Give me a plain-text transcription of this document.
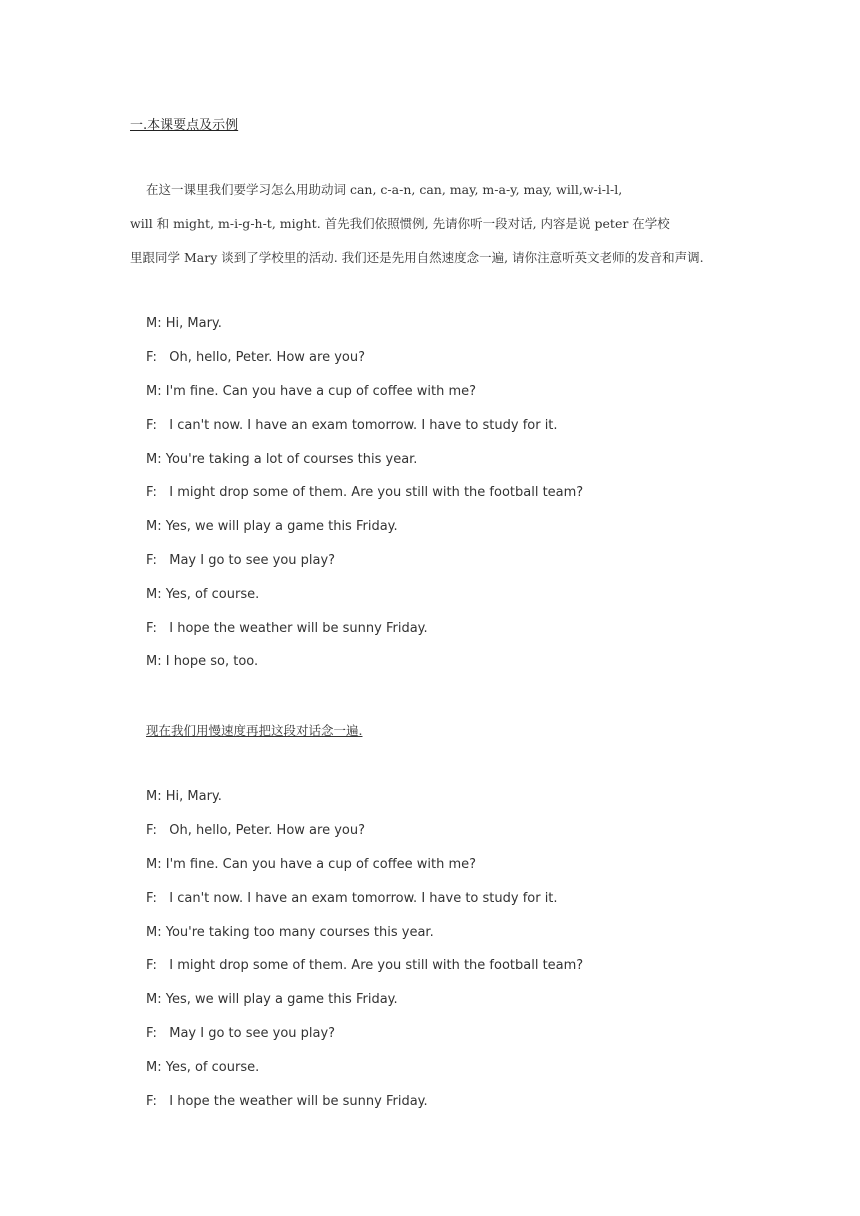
一.本课要点及示例
在这一课里我们要学习怎么用助动词 can, c-a-n, can, may, m-a-y, may, will,w-i-l-l,
will 和 might, m-i-g-h-t, might. 首先我们依照惯例, 先请你听一段对话, 内容是说 peter 在学校
里跟同学 Mary 谈到了学校里的活动. 我们还是先用自然速度念一遍, 请你注意听英文老师的发音和声调.
M: Hi, Mary.
F:   Oh, hello, Peter. How are you?
M: I'm fine. Can you have a cup of coffee with me?
F:   I can't now. I have an exam tomorrow. I have to study for it.
M: You're taking a lot of courses this year.
F:   I might drop some of them. Are you still with the football team?
M: Yes, we will play a game this Friday.
F:   May I go to see you play?
M: Yes, of course.
F:   I hope the weather will be sunny Friday.
M: I hope so, too.
现在我们用慢速度再把这段对话念一遍.
M: Hi, Mary.
F:   Oh, hello, Peter. How are you?
M: I'm fine. Can you have a cup of coffee with me?
F:   I can't now. I have an exam tomorrow. I have to study for it.
M: You're taking too many courses this year.
F:   I might drop some of them. Are you still with the football team?
M: Yes, we will play a game this Friday.
F:   May I go to see you play?
M: Yes, of course.
F:   I hope the weather will be sunny Friday.
